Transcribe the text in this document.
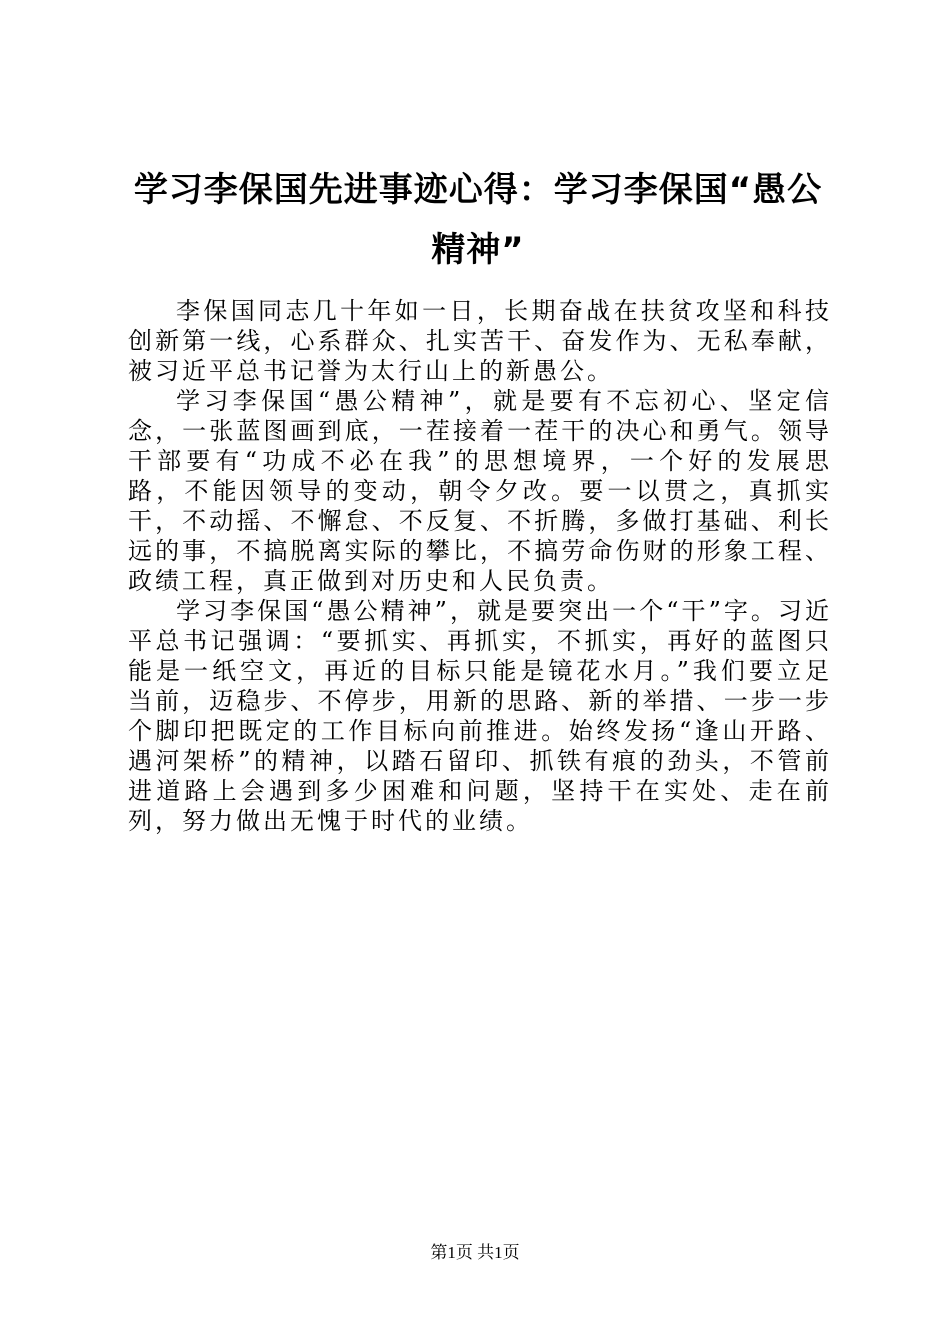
学习李保国先进事迹心得：学习李保国“愚公精神”

李保国同志几十年如一日，长期奋战在扶贫攻坚和科技创新第一线，心系群众、扎实苦干、奋发作为、无私奉献，被习近平总书记誉为太行山上的新愚公。

学习李保国“愚公精神”，就是要有不忘初心、坚定信念，一张蓝图画到底，一茬接着一茬干的决心和勇气。领导干部要有“功成不必在我”的思想境界，一个好的发展思路，不能因领导的变动，朝令夕改。要一以贯之，真抓实干，不动摇、不懈怠、不反复、不折腾，多做打基础、利长远的事，不搞脱离实际的攀比，不搞劳命伤财的形象工程、政绩工程，真正做到对历史和人民负责。

学习李保国“愚公精神”，就是要突出一个“干”字。习近平总书记强调：“要抓实、再抓实，不抓实，再好的蓝图只能是一纸空文，再近的目标只能是镜花水月。”我们要立足当前，迈稳步、不停步，用新的思路、新的举措、一步一步个脚印把既定的工作目标向前推进。始终发扬“逢山开路、遇河架桥”的精神，以踏石留印、抓铁有痕的劲头，不管前进道路上会遇到多少困难和问题，坚持干在实处、走在前列，努力做出无愧于时代的业绩。

第1页 共1页
